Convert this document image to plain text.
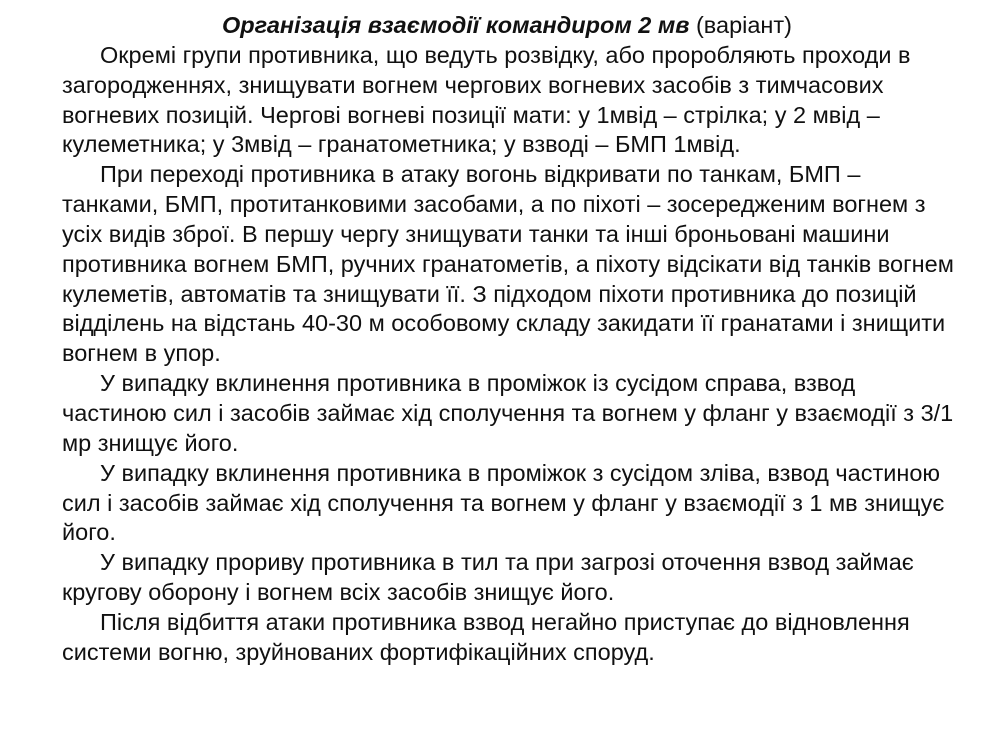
Організація взаємодії командиром 2 мв (варіант)

Окремі групи противника, що ведуть розвідку, або проробляють проходи в загородженнях, знищувати вогнем чергових вогневих засобів з тимчасових вогневих позицій. Чергові вогневі позиції мати: у 1мвід – стрілка; у 2 мвід – кулеметника; у 3мвід – гранатометника; у взводі – БМП 1мвід.

При переході противника в атаку вогонь відкривати по танкам, БМП – танками, БМП, протитанковими засобами, а по піхоті – зосередженим вогнем з усіх видів зброї. В першу чергу знищувати танки та інші броньовані машини противника вогнем БМП, ручних гранатометів, а піхоту відсікати від танків вогнем кулеметів, автоматів та знищувати її. З підходом піхоти противника до позицій відділень на відстань 40-30 м особовому складу закидати її гранатами і знищити вогнем в упор.

У випадку вклинення противника в проміжок із сусідом справа, взвод частиною сил і засобів займає хід сполучення та вогнем у фланг у взаємодії з 3/1 мр знищує його.

У випадку вклинення противника в проміжок з сусідом зліва, взвод частиною сил і засобів займає хід сполучення та вогнем у фланг у взаємодії з 1 мв знищує його.

У випадку прориву противника в тил та при загрозі оточення взвод займає кругову оборону і вогнем всіх засобів знищує його.

Після відбиття атаки противника взвод негайно приступає до відновлення системи вогню, зруйнованих фортифікаційних споруд.
